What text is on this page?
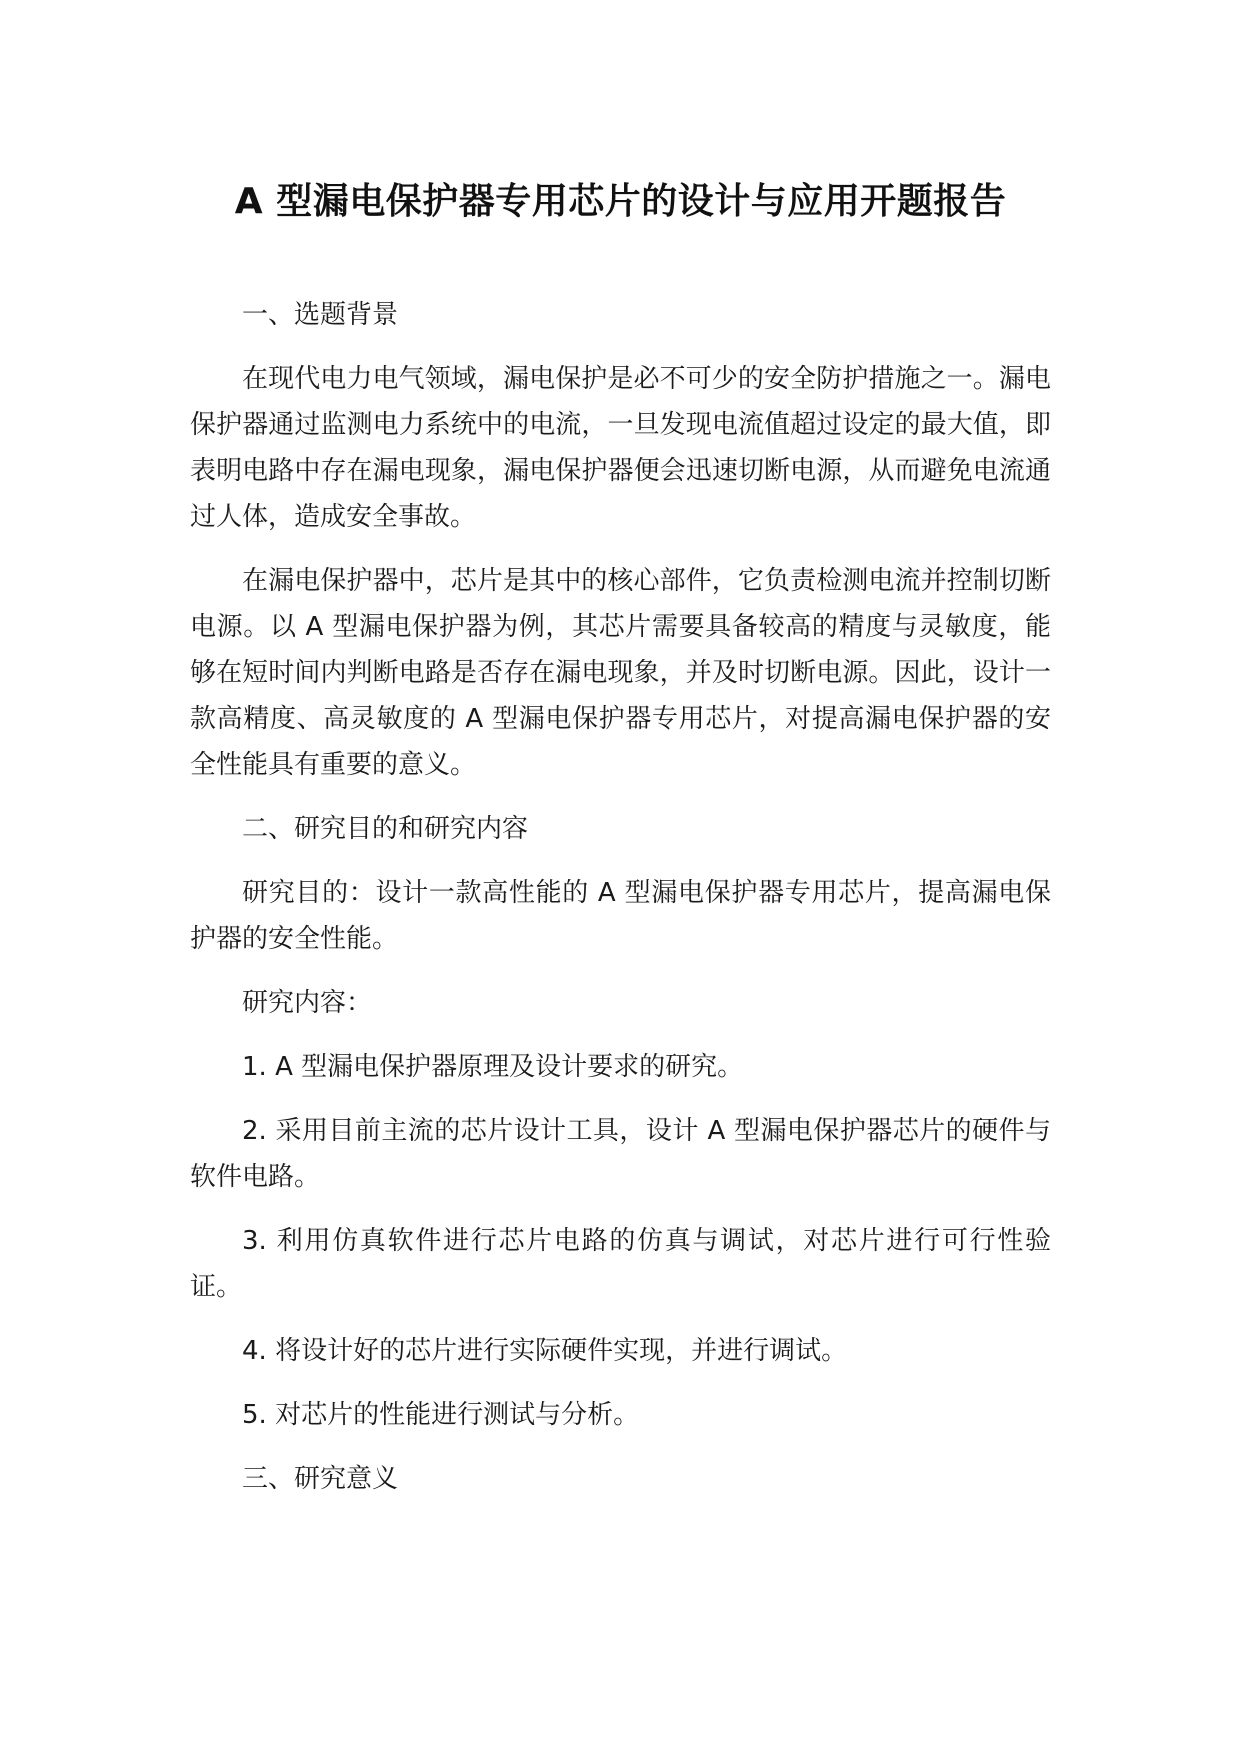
A 型漏电保护器专用芯片的设计与应用开题报告

一、选题背景

在现代电力电气领域，漏电保护是必不可少的安全防护措施之一。漏电保护器通过监测电力系统中的电流，一旦发现电流值超过设定的最大值，即表明电路中存在漏电现象，漏电保护器便会迅速切断电源，从而避免电流通过人体，造成安全事故。

在漏电保护器中，芯片是其中的核心部件，它负责检测电流并控制切断电源。以 A 型漏电保护器为例，其芯片需要具备较高的精度与灵敏度，能够在短时间内判断电路是否存在漏电现象，并及时切断电源。因此，设计一款高精度、高灵敏度的 A 型漏电保护器专用芯片，对提高漏电保护器的安全性能具有重要的意义。

二、研究目的和研究内容

研究目的：设计一款高性能的 A 型漏电保护器专用芯片，提高漏电保护器的安全性能。

研究内容：

1. A 型漏电保护器原理及设计要求的研究。

2. 采用目前主流的芯片设计工具，设计 A 型漏电保护器芯片的硬件与软件电路。

3. 利用仿真软件进行芯片电路的仿真与调试，对芯片进行可行性验证。

4. 将设计好的芯片进行实际硬件实现，并进行调试。

5. 对芯片的性能进行测试与分析。

三、研究意义
